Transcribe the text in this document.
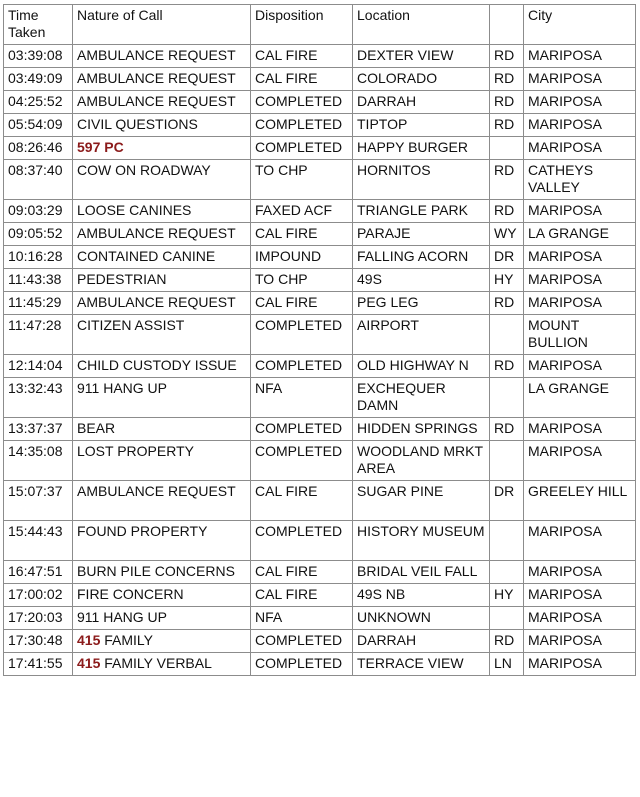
Time Taken	Nature of Call	Disposition	Location		City
03:39:08	AMBULANCE REQUEST	CAL FIRE	DEXTER VIEW	RD	MARIPOSA
03:49:09	AMBULANCE REQUEST	CAL FIRE	COLORADO	RD	MARIPOSA
04:25:52	AMBULANCE REQUEST	COMPLETED	DARRAH	RD	MARIPOSA
05:54:09	CIVIL QUESTIONS	COMPLETED	TIPTOP	RD	MARIPOSA
08:26:46	597 PC	COMPLETED	HAPPY BURGER		MARIPOSA
08:37:40	COW ON ROADWAY	TO CHP	HORNITOS	RD	CATHEYS VALLEY
09:03:29	LOOSE CANINES	FAXED ACF	TRIANGLE PARK	RD	MARIPOSA
09:05:52	AMBULANCE REQUEST	CAL FIRE	PARAJE	WY	LA GRANGE
10:16:28	CONTAINED CANINE	IMPOUND	FALLING ACORN	DR	MARIPOSA
11:43:38	PEDESTRIAN	TO CHP	49S	HY	MARIPOSA
11:45:29	AMBULANCE REQUEST	CAL FIRE	PEG LEG	RD	MARIPOSA
11:47:28	CITIZEN ASSIST	COMPLETED	AIRPORT		MOUNT BULLION
12:14:04	CHILD CUSTODY ISSUE	COMPLETED	OLD HIGHWAY N	RD	MARIPOSA
13:32:43	911 HANG UP	NFA	EXCHEQUER DAMN		LA GRANGE
13:37:37	BEAR	COMPLETED	HIDDEN SPRINGS	RD	MARIPOSA
14:35:08	LOST PROPERTY	COMPLETED	WOODLAND MRKT AREA		MARIPOSA
15:07:37	AMBULANCE REQUEST	CAL FIRE	SUGAR PINE	DR	GREELEY HILL
15:44:43	FOUND PROPERTY	COMPLETED	HISTORY MUSEUM		MARIPOSA
16:47:51	BURN PILE CONCERNS	CAL FIRE	BRIDAL VEIL FALL		MARIPOSA
17:00:02	FIRE CONCERN	CAL FIRE	49S NB	HY	MARIPOSA
17:20:03	911 HANG UP	NFA	UNKNOWN		MARIPOSA
17:30:48	415 FAMILY	COMPLETED	DARRAH	RD	MARIPOSA
17:41:55	415 FAMILY VERBAL	COMPLETED	TERRACE VIEW	LN	MARIPOSA
